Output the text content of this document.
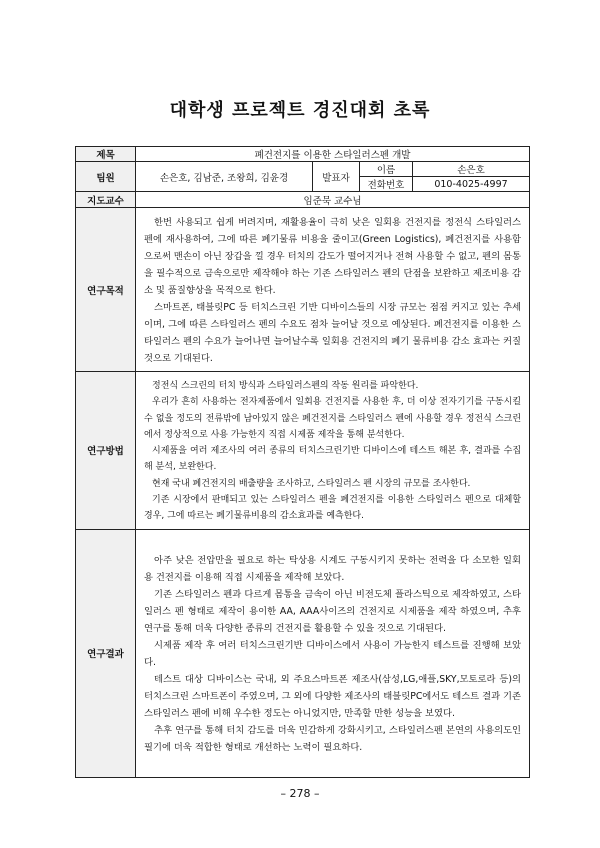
대학생 프로젝트 경진대회 초록
제목	폐건전지를 이용한 스타일러스펜 개발			
팀원	손은호, 김남준, 조왕희, 김윤경	발표자	이름	손은호
			전화번호	010-4025-4997
지도교수	임준묵 교수님			
연구목적	한번 사용되고 쉽게 버려지며, 재활용율이 극히 낮은 일회용 건전지를 정전식 스타일러스 펜에 재사용하여, 그에 따른 폐기물류 비용을 줄이고(Green Logistics), 폐건전지를 사용함으로써 맨손이 아닌 장갑을 낄 경우 터치의 감도가 떨어지거나 전혀 사용할 수 없고, 펜의 몸통을 필수적으로 금속으로만 제작해야 하는 기존 스타일러스 펜의 단점을 보완하고 제조비용 감소 및 품질향상을 목적으로 한다.

스마트폰, 태블릿PC 등 터치스크린 기반 디바이스들의 시장 규모는 점점 커지고 있는 추세이며, 그에 따른 스타일러스 펜의 수요도 점차 늘어날 것으로 예상된다. 폐건전지를 이용한 스타일러스 펜의 수요가 늘어나면 늘어날수록 일회용 건전지의 폐기 물류비용 감소 효과는 커질 것으로 기대된다.			

연구방법	정전식 스크린의 터치 방식과 스타일러스펜의 작동 원리를 파악한다.

우리가 흔히 사용하는 전자제품에서 일회용 건전지를 사용한 후, 더 이상 전자기기를 구동시킬 수 없을 정도의 전류밖에 남아있지 않은 폐건전지를 스타일러스 펜에 사용할 경우 정전식 스크린에서 정상적으로 사용 가능한지 직접 시제품 제작을 통해 분석한다.

시제품을 여러 제조사의 여러 종류의 터치스크린기반 디바이스에 테스트 해본 후, 결과를 수집해 분석, 보완한다.

현재 국내 폐건전지의 배출량을 조사하고, 스타일러스 펜 시장의 규모를 조사한다.

기존 시장에서 판매되고 있는 스타일러스 펜을 폐건전지를 이용한 스타일러스 펜으로 대체할 경우, 그에 따르는 폐기물류비용의 감소효과를 예측한다.			

연구결과	아주 낮은 전압만을 필요로 하는 탁상용 시계도 구동시키지 못하는 전력을 다 소모한 일회용 건전지를 이용해 직접 시제품을 제작해 보았다.

기존 스타일러스 펜과 다르게 몸통을 금속이 아닌 비전도체 플라스틱으로 제작하였고, 스타일러스 펜 형태로 제작이 용이한 AA, AAA사이즈의 건전지로 시제품을 제작 하였으며, 추후 연구를 통해 더욱 다양한 종류의 건전지를 활용할 수 있을 것으로 기대된다.

시제품 제작 후 여러 터치스크린기반 디바이스에서 사용이 가능한지 테스트를 진행해 보았다.

테스트 대상 디바이스는 국내, 외 주요스마트폰 제조사(삼성,LG,애플,SKY,모토로라 등)의 터치스크린 스마트폰이 주였으며, 그 외에 다양한 제조사의 태블릿PC에서도 테스트 결과 기존 스타일러스 펜에 비해 우수한 정도는 아니었지만, 만족할 만한 성능을 보였다.

추후 연구를 통해 터치 감도를 더욱 민감하게 강화시키고, 스타일러스펜 본연의 사용의도인 필기에 더욱 적합한 형태로 개선하는 노력이 필요하다.			

– 278 –
